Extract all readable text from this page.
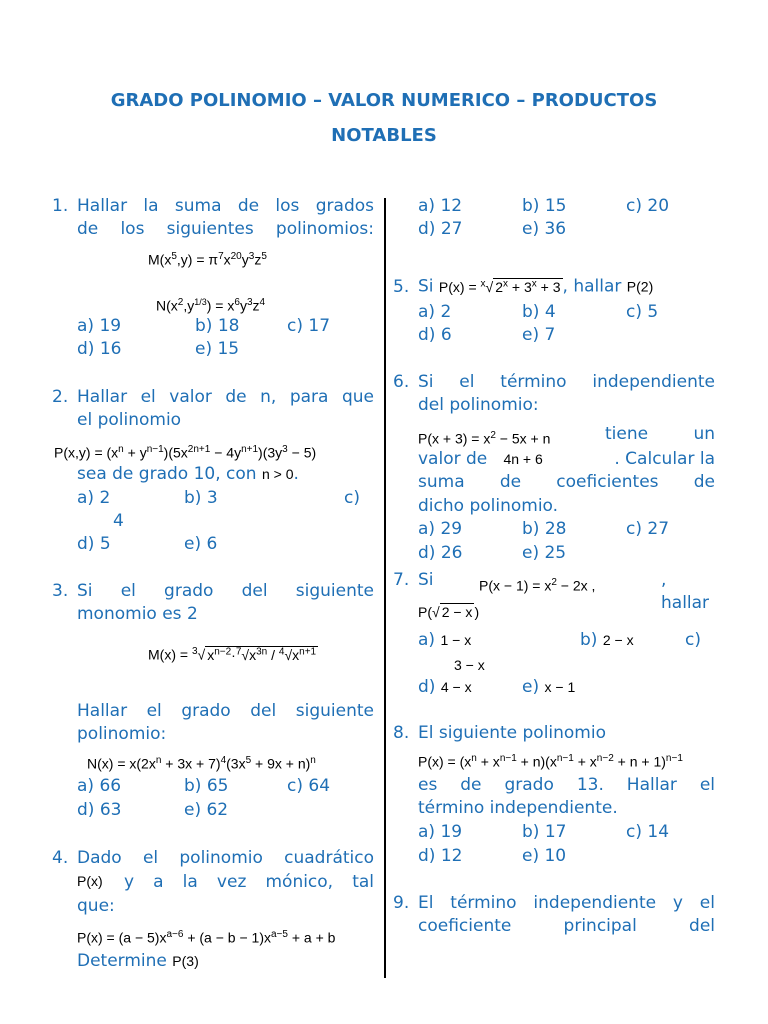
GRADO POLINOMIO – VALOR NUMERICO – PRODUCTOS
NOTABLES
1. Hallar la suma de los grados
de los siguientes polinomios:
$M(x^5,y) = \pi^7x^{20}y^3z^5$
$N(x^2,y^{1/3}) = x^6y^3z^4$
a) 19	b) 18	c) 17
d) 16	e) 15
2. Hallar el valor de n, para que
el polinomio
$P(x,y) = (x^n + y^{n-1})(5x^{2n+1} - 4y^{n+1})(3y^3 - 5)$
sea de grado 10, con n > 0.
a) 2	b) 3	c)
4
d) 5	e) 6
3. Si el grado del siguiente
monomio es 2
M(x) = $^3$√ $x^{n-2}\cdot^7√x^{3n} / ^4√x^{n+1}$
Hallar el grado del siguiente
polinomio:
$N(x) = x(2x^n + 3x + 7)^4(3x^5 + 9x + n)^n$
a) 66	b) 65	c) 64
d) 63	e) 62
4. Dado el polinomio cuadrático
P(x) y a la vez mónico, tal
que:
$P(x) = (a - 5)x^{a-6} + (a - b - 1)x^{a-5} + a + b$
Determine P(3)
a) 12	b) 15	c) 20
d) 27	e) 36
5. Si P(x) = $^x$√ $2^x + 3^x + 3$ , hallar P(2)
a) 2	b) 4	c) 5
d) 6	e) 7
6. Si el término independiente
del polinomio:
$P(x + 3) = x^2 - 5x + n$	tiene un
valor de 4n + 6	. Calcular la
suma de coeficientes de
dicho polinomio.
a) 29	b) 28	c) 27
d) 26	e) 25
7. Si	$P(x - 1) = x^2 - 2x$ ,	, hallar
P(√ 2 − x )
a) 1 − x	b) 2 − x	c)
3 − x
d) 4 − x	e) x − 1
8. El siguiente polinomio
$P(x) = (x^n + x^{n-1} + n)(x^{n-1} + x^{n-2} + n + 1)^{n-1}$
es de grado 13. Hallar el
término independiente.
a) 19	b) 17	c) 14
d) 12	e) 10
9. El término independiente y el
coeficiente principal del
